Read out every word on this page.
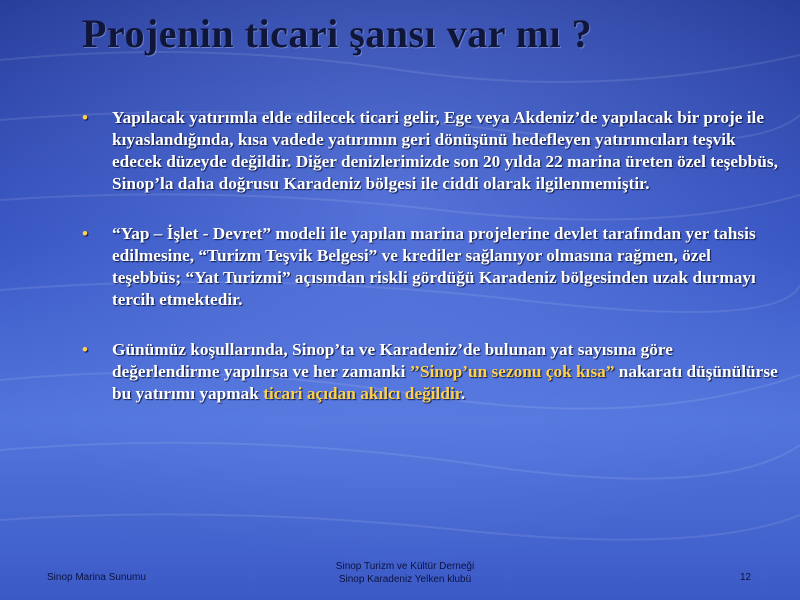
Projenin ticari şansı var mı ?
• Yapılacak yatırımla elde edilecek ticari gelir, Ege veya Akdeniz’de yapılacak bir proje ile kıyaslandığında, kısa vadede yatırımın geri dönüşünü hedefleyen yatırımcıları teşvik edecek düzeyde değildir. Diğer denizlerimizde son 20 yılda 22 marina üreten özel teşebbüs, Sinop’la daha doğrusu Karadeniz bölgesi ile ciddi olarak ilgilenmemiştir.
• “Yap – İşlet - Devret” modeli ile yapılan marina projelerine devlet tarafından yer tahsis edilmesine, “Turizm Teşvik Belgesi” ve krediler sağlanıyor olmasına rağmen, özel teşebbüs; “Yat Turizmi” açısından riskli gördüğü Karadeniz bölgesinden uzak durmayı tercih etmektedir.
• Günümüz koşullarında, Sinop’ta ve Karadeniz’de bulunan yat sayısına göre değerlendirme yapılırsa ve her zamanki ’’Sinop’un sezonu çok kısa” nakaratı düşünülürse bu yatırımı yapmak ticari açıdan akılcı değildir.
Sinop Marina Sunumu
Sinop Turizm ve Kültür Derneği
Sinop Karadeniz Yelken klubü	12
